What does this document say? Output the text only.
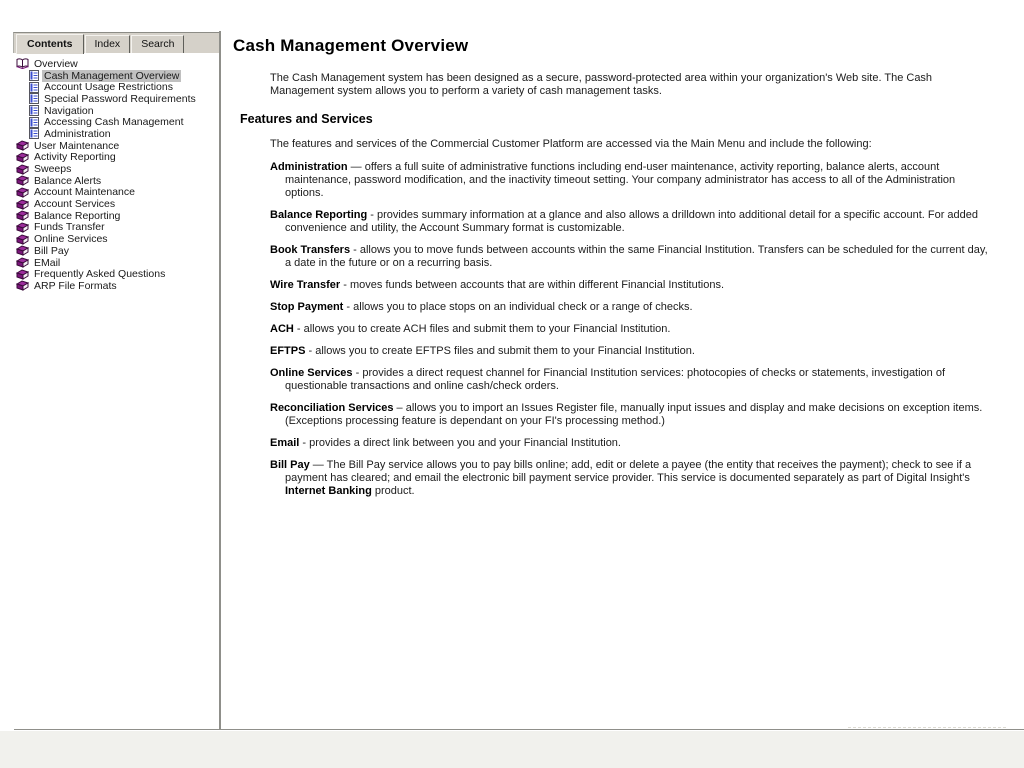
Contents	Index	Search
Overview
Cash Management Overview
Account Usage Restrictions
Special Password Requirements
Navigation
Accessing Cash Management
Administration
User Maintenance
Activity Reporting
Sweeps
Balance Alerts
Account Maintenance
Account Services
Balance Reporting
Funds Transfer
Online Services
Bill Pay
EMail
Frequently Asked Questions
ARP File Formats
Cash Management Overview

The Cash Management system has been designed as a secure, password-protected area within your organization's Web site. The Cash Management system allows you to perform a variety of cash management tasks.

Features and Services

The features and services of the Commercial Customer Platform are accessed via the Main Menu and include the following:

Administration — offers a full suite of administrative functions including end-user maintenance, activity reporting, balance alerts, account maintenance, password modification, and the inactivity timeout setting. Your company administrator has access to all of the Administration options.
Balance Reporting - provides summary information at a glance and also allows a drilldown into additional detail for a specific account. For added convenience and utility, the Account Summary format is customizable.
Book Transfers - allows you to move funds between accounts within the same Financial Institution. Transfers can be scheduled for the current day, a date in the future or on a recurring basis.
Wire Transfer - moves funds between accounts that are within different Financial Institutions.
Stop Payment - allows you to place stops on an individual check or a range of checks.
ACH - allows you to create ACH files and submit them to your Financial Institution.
EFTPS - allows you to create EFTPS files and submit them to your Financial Institution.
Online Services - provides a direct request channel for Financial Institution services: photocopies of checks or statements, investigation of questionable transactions and online cash/check orders.
Reconciliation Services – allows you to import an Issues Register file, manually input issues and display and make decisions on exception items. (Exceptions processing feature is dependant on your FI's processing method.)
Email - provides a direct link between you and your Financial Institution.
Bill Pay — The Bill Pay service allows you to pay bills online; add, edit or delete a payee (the entity that receives the payment); check to see if a payment has cleared; and email the electronic bill payment service provider. This service is documented separately as part of Digital Insight's Internet Banking product.
